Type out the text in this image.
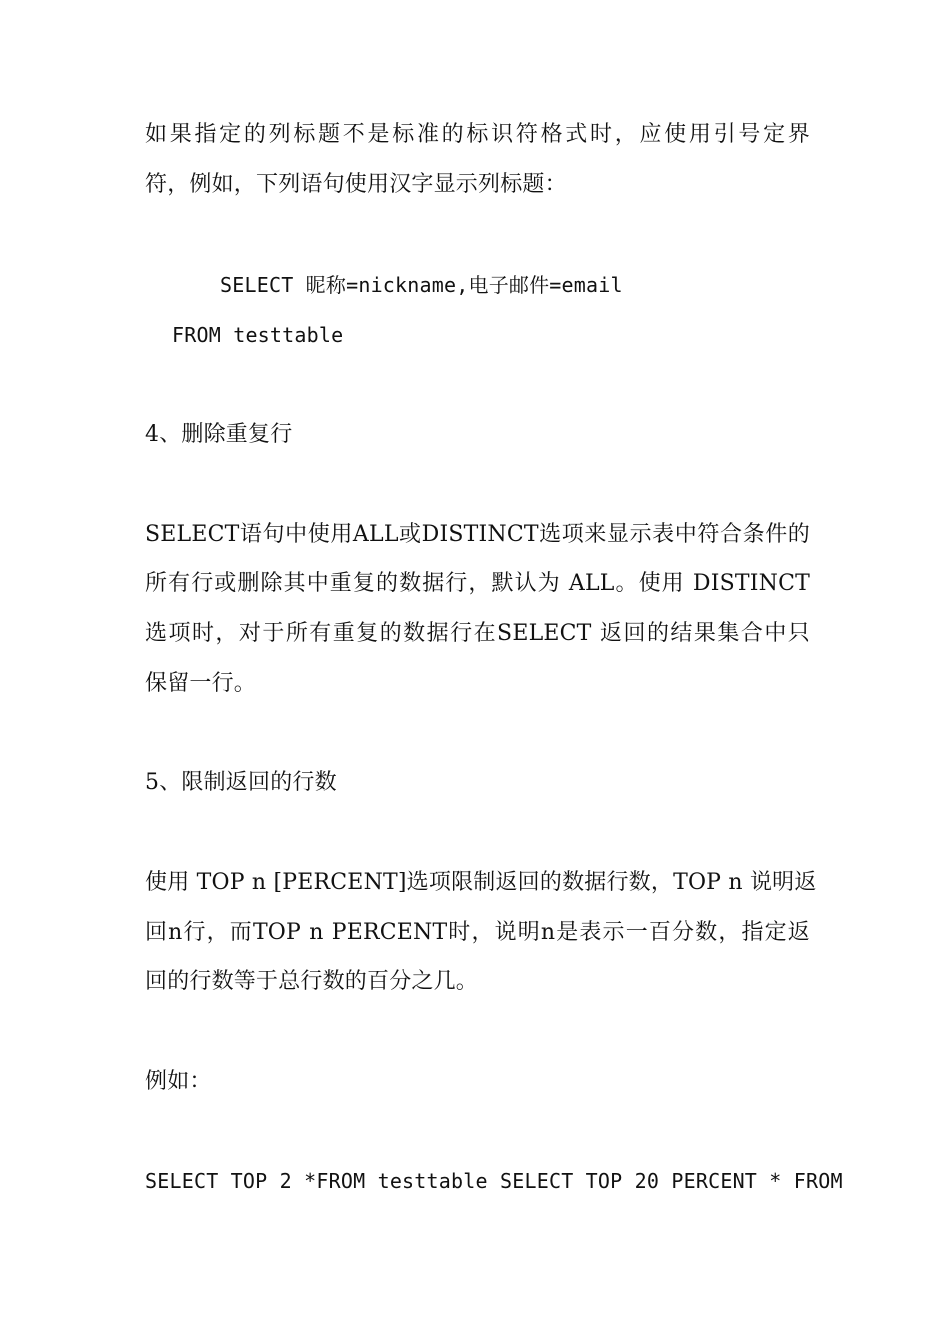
如果指定的列标题不是标准的标识符格式时，应使用引号定界
符，例如，下列语句使用汉字显示列标题：
SELECT 昵称=nickname,电子邮件=email
FROM testtable
4、删除重复行
SELECT语句中使用ALL或DISTINCT选项来显示表中符合条件的
所有行或删除其中重复的数据行，默认为 ALL。使用 DISTINCT
选项时，对于所有重复的数据行在SELECT 返回的结果集合中只
保留一行。
5、限制返回的行数
使用 TOP n [PERCENT]选项限制返回的数据行数，TOP n 说明返
回n行，而TOP n PERCENT时，说明n是表示一百分数，指定返
回的行数等于总行数的百分之几。
例如：
SELECT TOP 2 *FROM testtable SELECT TOP 20 PERCENT * FROM
